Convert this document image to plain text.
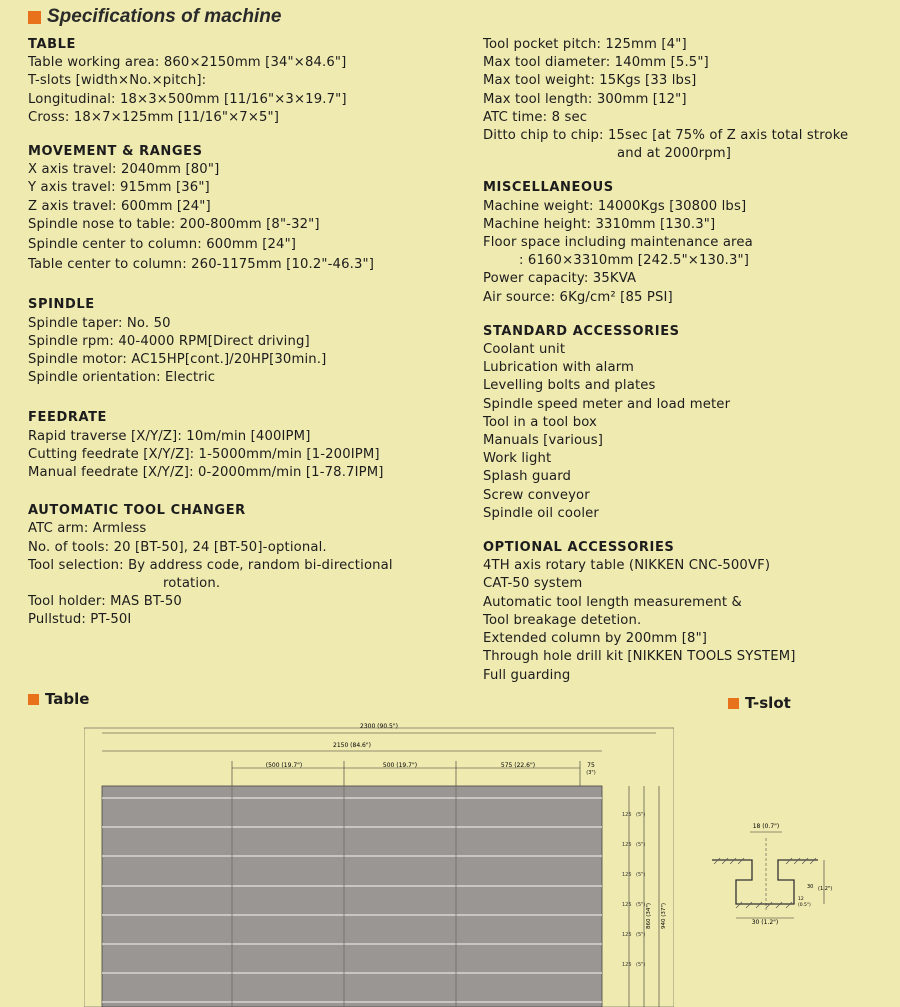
Specifications of machine
TABLE
Table working area: 860×2150mm [34"×84.6"]
T-slots [width×No.×pitch]:
Longitudinal: 18×3×500mm [11/16"×3×19.7"]
Cross: 18×7×125mm [11/16"×7×5"]
MOVEMENT & RANGES
X axis travel: 2040mm [80"]
Y axis travel: 915mm [36"]
Z axis travel: 600mm [24"]
Spindle nose to table: 200-800mm [8"-32"]
Spindle center to column: 600mm [24"]
Table center to column: 260-1175mm [10.2"-46.3"]
SPINDLE
Spindle taper: No. 50
Spindle rpm: 40-4000 RPM[Direct driving]
Spindle motor: AC15HP[cont.]/20HP[30min.]
Spindle orientation: Electric
FEEDRATE
Rapid traverse [X/Y/Z]: 10m/min [400IPM]
Cutting feedrate [X/Y/Z]: 1-5000mm/min [1-200IPM]
Manual feedrate [X/Y/Z]: 0-2000mm/min [1-78.7IPM]
AUTOMATIC TOOL CHANGER
ATC arm: Armless
No. of tools: 20 [BT-50], 24 [BT-50]-optional.
Tool selection: By address code, random bi-directional
rotation.
Tool holder: MAS BT-50
Pullstud: PT-50I
Tool pocket pitch: 125mm [4"]
Max tool diameter: 140mm [5.5"]
Max tool weight: 15Kgs [33 lbs]
Max tool length: 300mm [12"]
ATC time: 8 sec
Ditto chip to chip: 15sec [at 75% of Z axis total stroke
and at 2000rpm]
MISCELLANEOUS
Machine weight: 14000Kgs [30800 lbs]
Machine height: 3310mm [130.3"]
Floor space including maintenance area
: 6160×3310mm [242.5"×130.3"]
Power capacity: 35KVA
Air source: 6Kg/cm² [85 PSI]
STANDARD ACCESSORIES
Coolant unit
Lubrication with alarm
Levelling bolts and plates
Spindle speed meter and load meter
Tool in a tool box
Manuals [various]
Work light
Splash guard
Screw conveyor
Spindle oil cooler
OPTIONAL ACCESSORIES
4TH axis rotary table (NIKKEN CNC-500VF)
CAT-50 system
Automatic tool length measurement &
Tool breakage detetion.
Extended column by 200mm [8"]
Through hole drill kit [NIKKEN TOOLS SYSTEM]
Full guarding
Table	T-slot
2300 (90.5")
2150 (84.6")
(500 (19.7")	500 (19.7")	575 (22.6")	75
(3")
125
125
125
125
125
125
(5")
(5")
(5")
(5")
(5")
(5")
860 (34") 940 (37")
18 (0.7")
30 (1.2")
12
(0.5")
30 (1.2")
